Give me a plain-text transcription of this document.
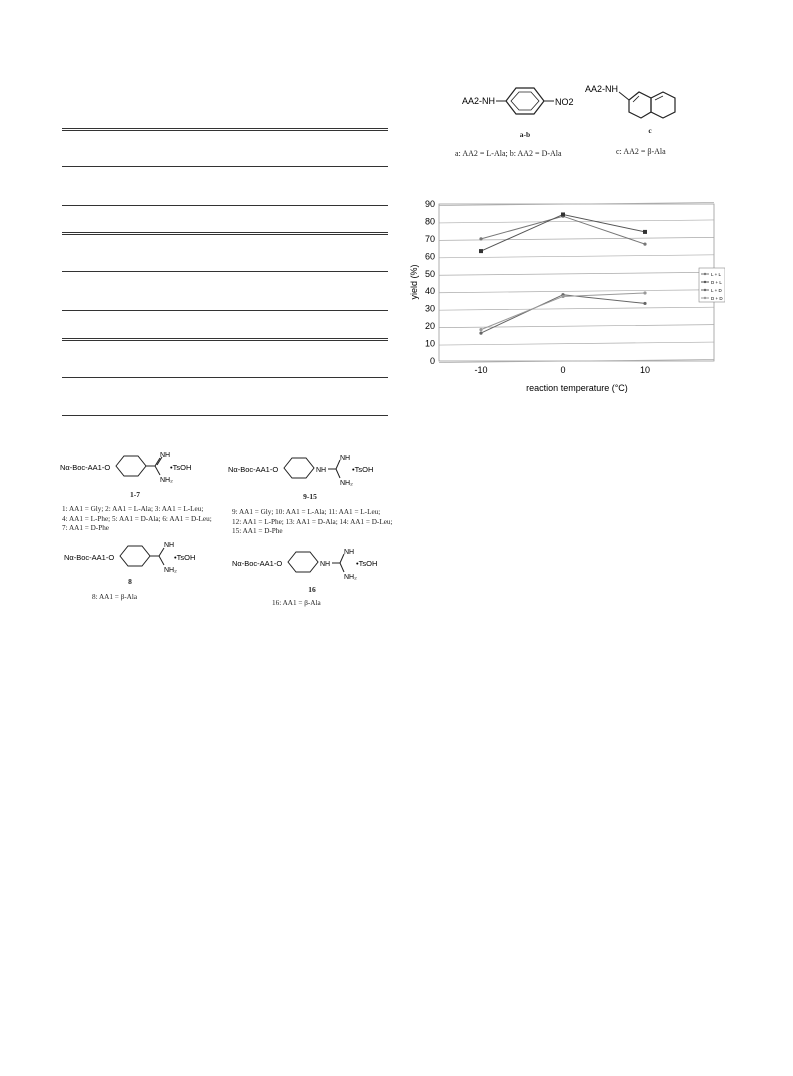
AA2-NH	NO2
a-b
a: AA2 = L-Ala; b: AA2 = D-Ala
AA2-NH
c
c: AA2 = β-Ala
0
10
20
30
40
50
60
70
80
90
-10	0	10
L + L
D + L
L + D
D + D
yield (%)
reaction temperature (°C)
Nα-Boc-AA1-O
NH
NH₂
•TsOH
1-7
1: AA1 = Gly; 2: AA1 = L-Ala; 3: AA1 = L-Leu;
4: AA1 = L-Phe; 5: AA1 = D-Ala; 6: AA1 = D-Leu;
7: AA1 = D-Phe
Nα-Boc-AA1-O
NH
NH₂
•TsOH
8
8: AA1 = β-Ala
Nα-Boc-AA1-O	NH
NH
NH₂
•TsOH
9-15
9: AA1 = Gly; 10: AA1 = L-Ala; 11: AA1 = L-Leu;
12: AA1 = L-Phe; 13: AA1 = D-Ala; 14: AA1 = D-Leu;
15: AA1 = D-Phe
Nα-Boc-AA1-O	NH
NH
NH₂
•TsOH
16
16: AA1 = β-Ala
